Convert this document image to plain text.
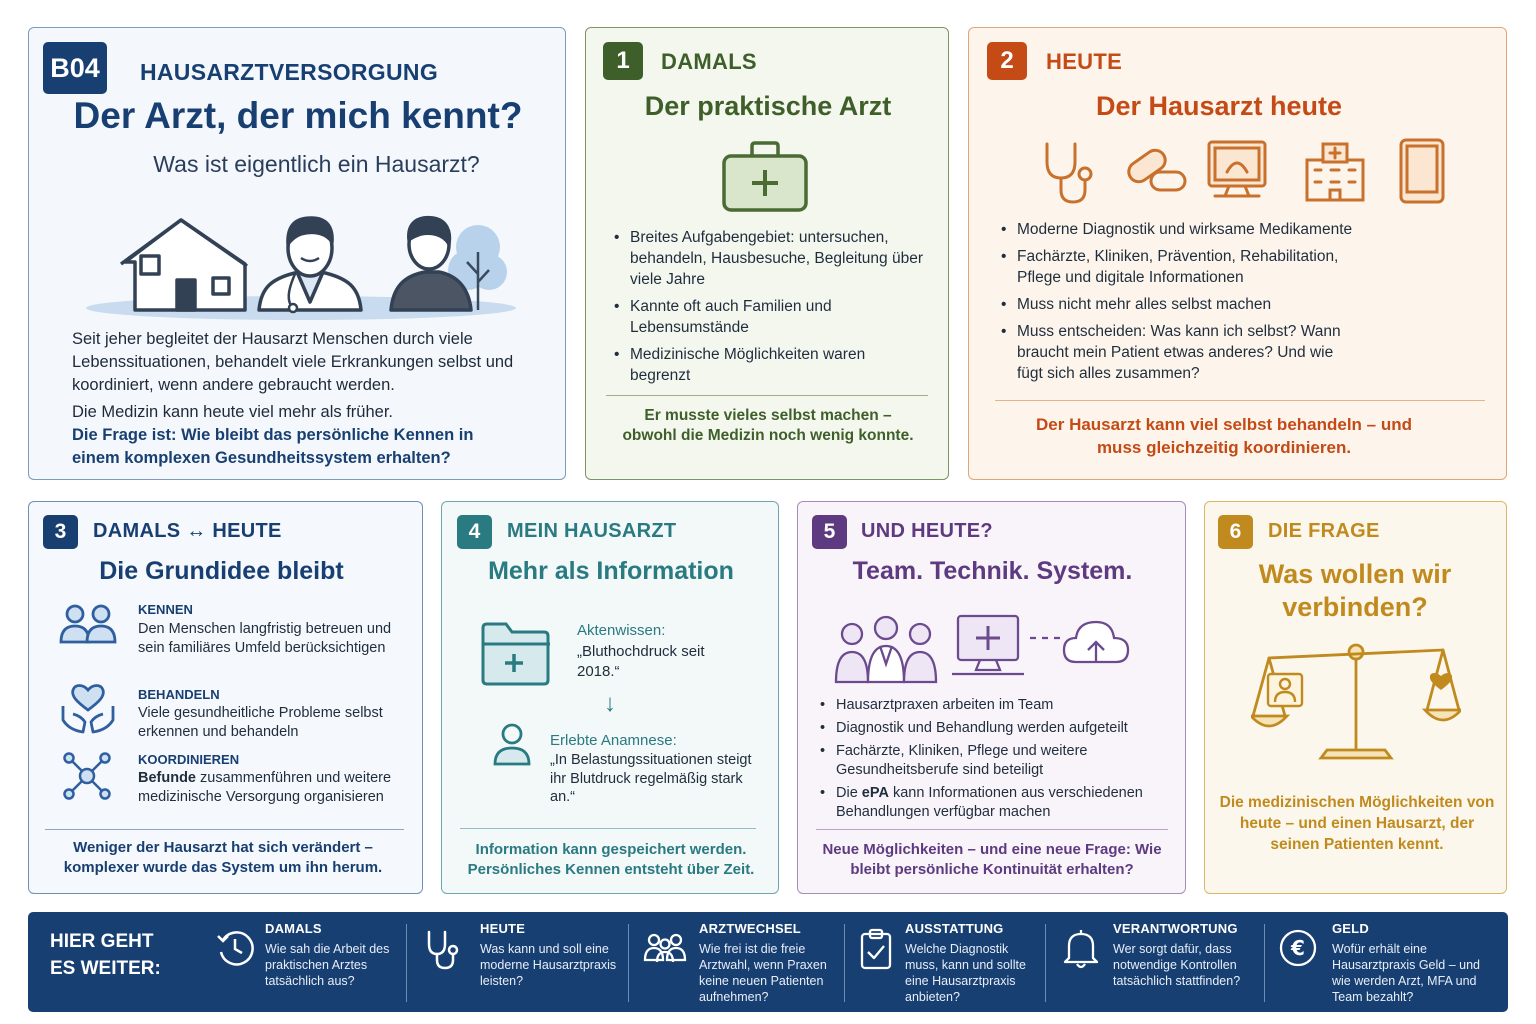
B04	HAUSARZTVERSORGUNG
Der Arzt, der mich kennt?
Was ist eigentlich ein Hausarzt?
Seit jeher begleitet der Hausarzt Menschen durch viele Lebenssituationen, behandelt viele Erkrankungen selbst und koordiniert, wenn andere gebraucht werden.
Die Medizin kann heute viel mehr als früher.
Die Frage ist: Wie bleibt das persönliche Kennen in einem komplexen Gesundheitssystem erhalten?
1	DAMALS
Der praktische Arzt
• Breites Aufgabengebiet: untersuchen, behandeln, Hausbesuche, Begleitung über viele Jahre
• Kannte oft auch Familien und Lebensumstände
• Medizinische Möglichkeiten waren begrenzt
Er musste vieles selbst machen – obwohl die Medizin noch wenig konnte.
2	HEUTE
Der Hausarzt heute
• Moderne Diagnostik und wirksame Medikamente
• Fachärzte, Kliniken, Prävention, Rehabilitation, Pflege und digitale Informationen
• Muss nicht mehr alles selbst machen
• Muss entscheiden: Was kann ich selbst? Wann braucht mein Patient etwas anderes? Und wie fügt sich alles zusammen?
Der Hausarzt kann viel selbst behandeln – und muss gleichzeitig koordinieren.
3	DAMALS ↔ HEUTE
Die Grundidee bleibt
KENNEN
Den Menschen langfristig betreuen und sein familiäres Umfeld berücksichtigen
BEHANDELN
Viele gesundheitliche Probleme selbst erkennen und behandeln
KOORDINIEREN
Befunde zusammenführen und weitere medizinische Versorgung organisieren
Weniger der Hausarzt hat sich verändert – komplexer wurde das System um ihn herum.
4	MEIN HAUSARZT
Mehr als Information
Aktenwissen:
„Bluthochdruck seit 2018.“
↓
Erlebte Anamnese:
„In Belastungssituationen steigt ihr Blutdruck regelmäßig stark an.“
Information kann gespeichert werden. Persönliches Kennen entsteht über Zeit.
5	UND HEUTE?
Team. Technik. System.
• Hausarztpraxen arbeiten im Team
• Diagnostik und Behandlung werden aufgeteilt
• Fachärzte, Kliniken, Pflege und weitere Gesundheitsberufe sind beteiligt
• Die ePA kann Informationen aus verschiedenen Behandlungen verfügbar machen
Neue Möglichkeiten – und eine neue Frage: Wie bleibt persönliche Kontinuität erhalten?
6	DIE FRAGE
Was wollen wir verbinden?
Die medizinischen Möglichkeiten von heute – und einen Hausarzt, der seinen Patienten kennt.
HIER GEHT ES WEITER:
DAMALS
Wie sah die Arbeit des praktischen Arztes tatsächlich aus?
HEUTE
Was kann und soll eine moderne Hausarztpraxis leisten?
ARZTWECHSEL
Wie frei ist die freie Arztwahl, wenn Praxen keine neuen Patienten aufnehmen?
AUSSTATTUNG
Welche Diagnostik muss, kann und sollte eine Hausarztpraxis anbieten?
VERANTWORTUNG
Wer sorgt dafür, dass notwendige Kontrollen tatsächlich stattfinden?
€
GELD
Wofür erhält eine Hausarztpraxis Geld – und wie werden Arzt, MFA und Team bezahlt?
